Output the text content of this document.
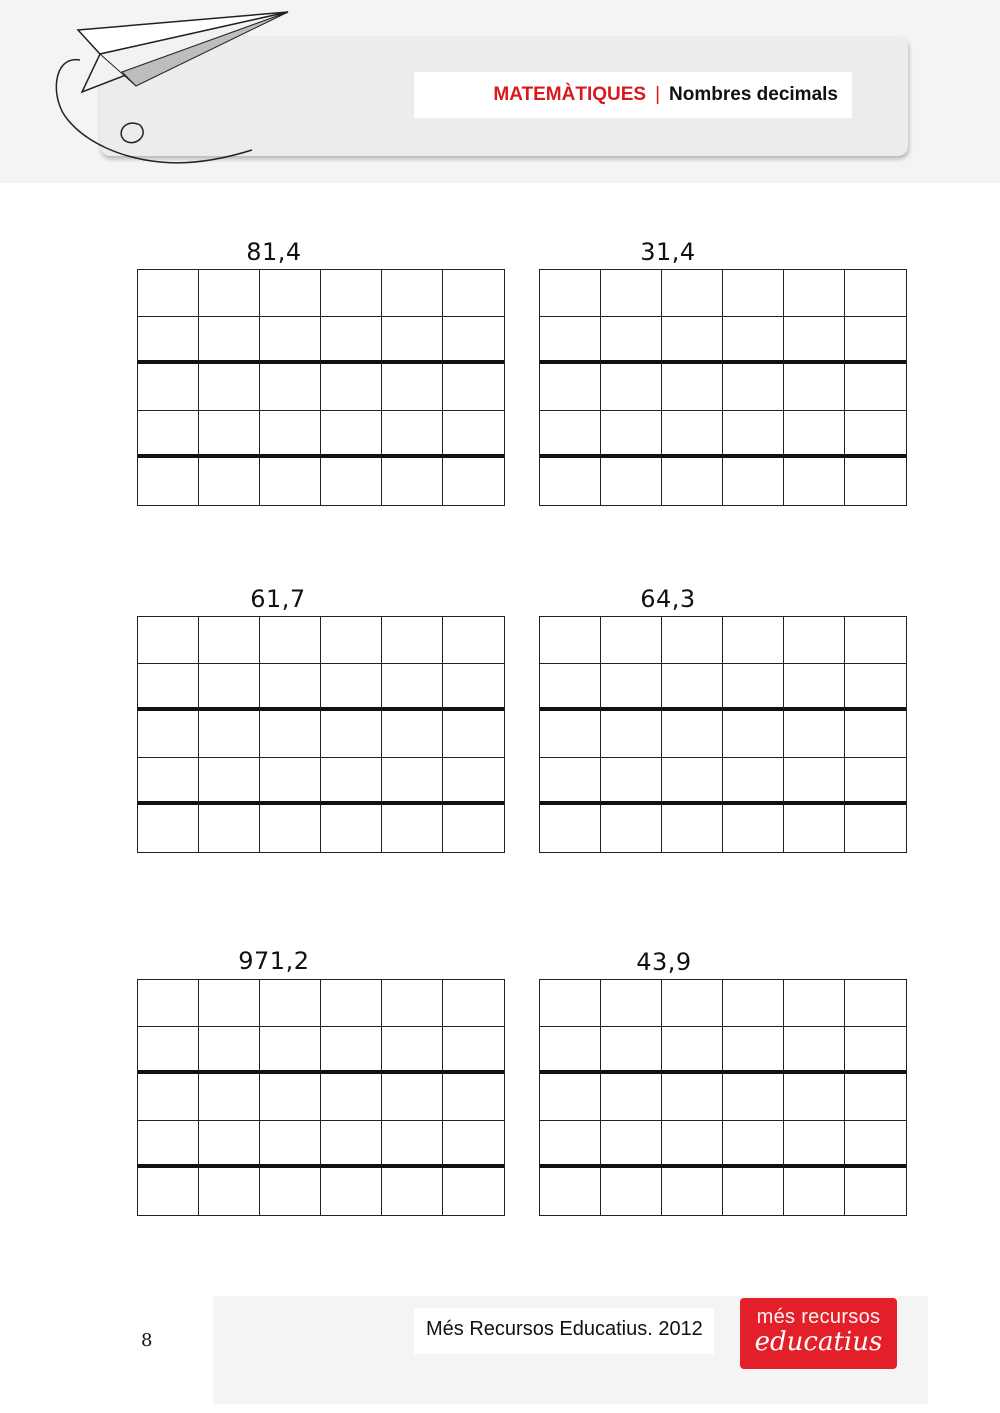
MATEMÀTIQUES | Nombres decimals

81,4

	31,4

61,7

	64,3

971,2

	43,9

8
Més Recursos Educatius. 2012
més recursos
educatius
